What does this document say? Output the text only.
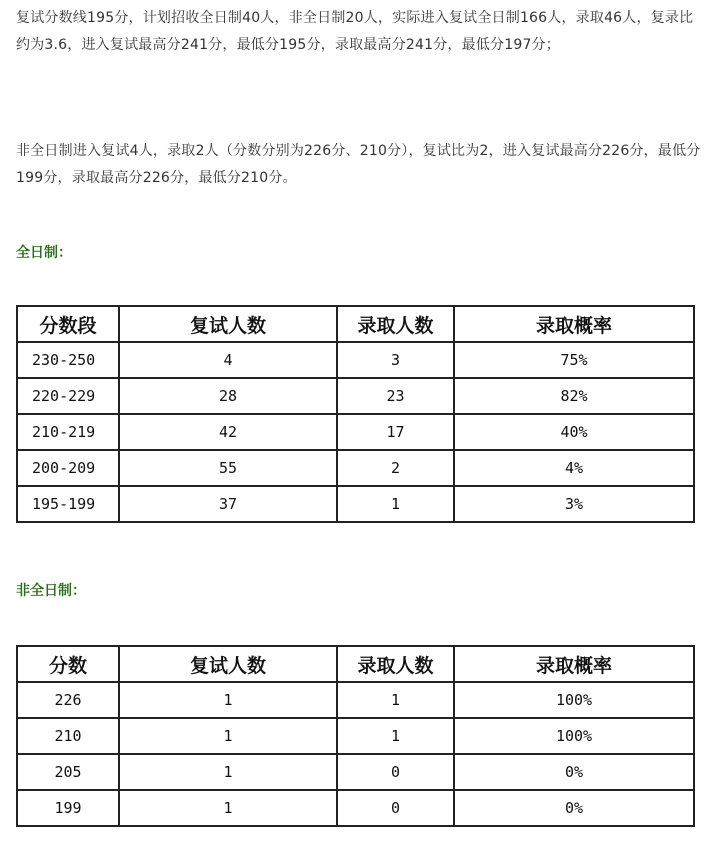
复试分数线195分，计划招收全日制40人，非全日制20人，实际进入复试全日制166人，录取46人，复录比约为3.6，进入复试最高分241分，最低分195分，录取最高分241分，最低分197分；

非全日制进入复试4人，录取2人（分数分别为226分、210分），复试比为2，进入复试最高分226分，最低分199分，录取最高分226分，最低分210分。

全日制：

分数段	复试人数	录取人数	录取概率
230-250	4	3	75%
220-229	28	23	82%
210-219	42	17	40%
200-209	55	2	4%
195-199	37	1	3%

非全日制：

分数	复试人数	录取人数	录取概率
226	1	1	100%
210	1	1	100%
205	1	0	0%
199	1	0	0%
